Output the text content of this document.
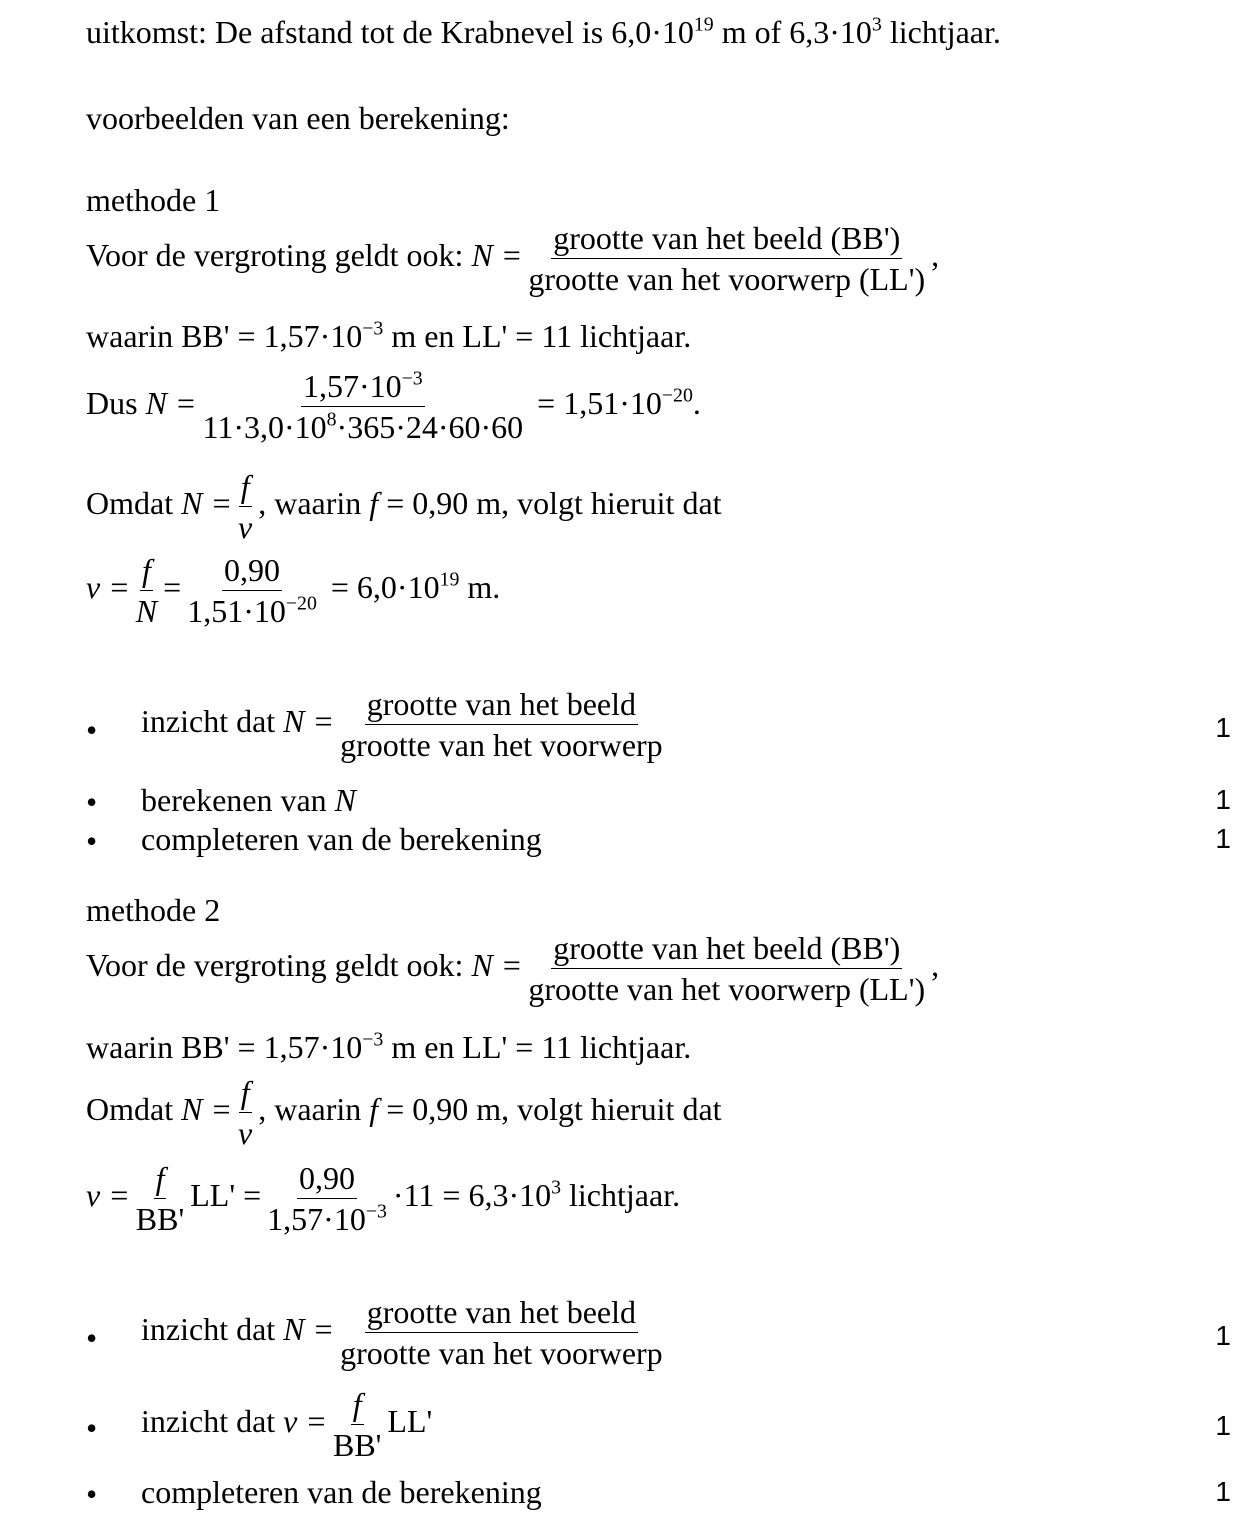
uitkomst: De afstand tot de Krabnevel is $6,0\cdot 10^{19}$ m of $6,3\cdot 10^3$ lichtjaar.
voorbeelden van een berekening:
methode 1
Voor de vergroting geldt ook: $N = \frac{\text{grootte van het beeld (BB')}}{\text{grootte van het voorwerp (LL')}}$ ,
waarin $BB' = 1,57\cdot 10^{-3}$ m en LL' = 11 lichtjaar.
Dus $N = \frac{1,57\cdot 10^{-3}}{11\cdot 3,0\cdot 10^8\cdot 365\cdot 24\cdot 60\cdot 60} = 1,51\cdot 10^{-20}$.
Omdat $N = \frac{f}{v}$ , waarin f = 0,90 m, volgt hieruit dat
$v = \frac{f}{N} = \frac{0,90}{1,51\cdot 10^{-20}} = 6,0\cdot 10^{19}$ m.
• inzicht dat $N = \frac{\text{grootte van het beeld}}{\text{grootte van het voorwerp}}$	1
• berekenen van N	1
• completeren van de berekening	1
methode 2
Voor de vergroting geldt ook: $N = \frac{\text{grootte van het beeld (BB')}}{\text{grootte van het voorwerp (LL')}}$ ,
waarin $BB' = 1,57\cdot 10^{-3}$ m en LL' = 11 lichtjaar.
Omdat $N = \frac{f}{v}$ , waarin f = 0,90 m, volgt hieruit dat
$v = \frac{f}{BB'} LL' = \frac{0,90}{1,57\cdot 10^{-3}} \cdot 11 = 6,3\cdot 10^3$ lichtjaar.
• inzicht dat $N = \frac{\text{grootte van het beeld}}{\text{grootte van het voorwerp}}$	1
• inzicht dat $v = \frac{f}{BB'} LL'$	1
• completeren van de berekening	1
